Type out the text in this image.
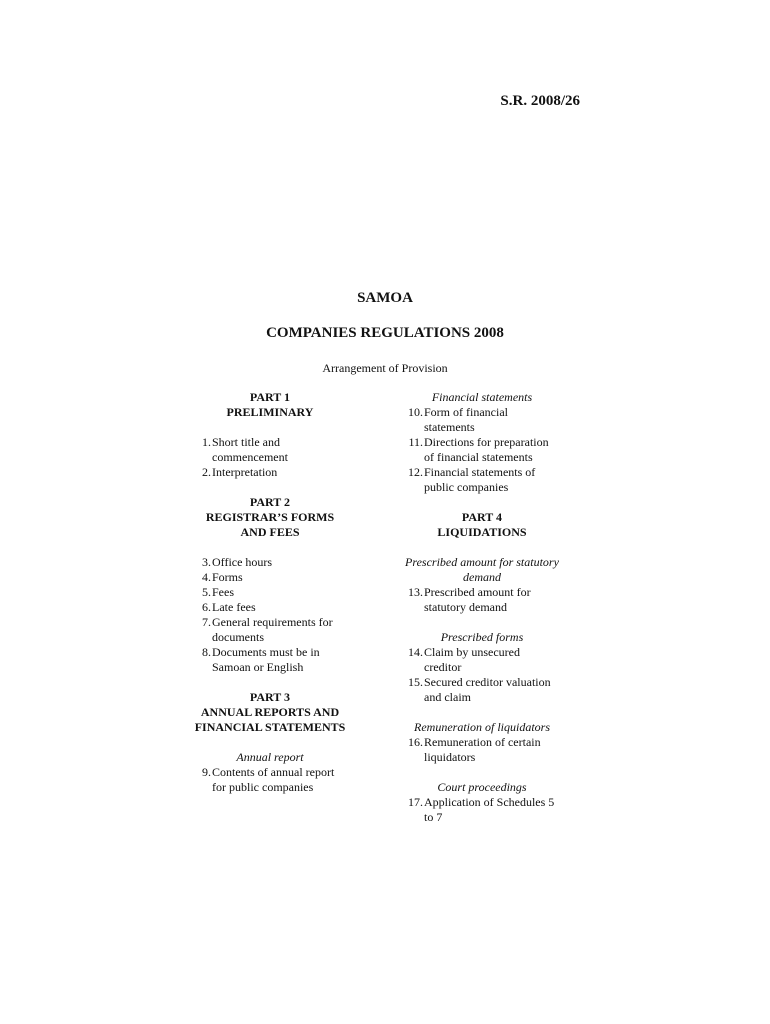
S.R. 2008/26
SAMOA
COMPANIES REGULATIONS 2008
Arrangement of Provision
PART 1
PRELIMINARY
1. Short title and
commencement
2. Interpretation
PART 2
REGISTRAR’S FORMS
AND FEES
3. Office hours
4. Forms
5. Fees
6. Late fees
7. General requirements for
documents
8. Documents must be in
Samoan or English
PART 3
ANNUAL REPORTS AND
FINANCIAL STATEMENTS
Annual report
9. Contents of annual report
for public companies
Financial statements
10. Form of financial
statements
11. Directions for preparation
of financial statements
12. Financial statements of
public companies
PART 4
LIQUIDATIONS
Prescribed amount for statutory
demand
13. Prescribed amount for
statutory demand
Prescribed forms
14. Claim by unsecured
creditor
15. Secured creditor valuation
and claim
Remuneration of liquidators
16. Remuneration of certain
liquidators
Court proceedings
17. Application of Schedules 5
to 7
